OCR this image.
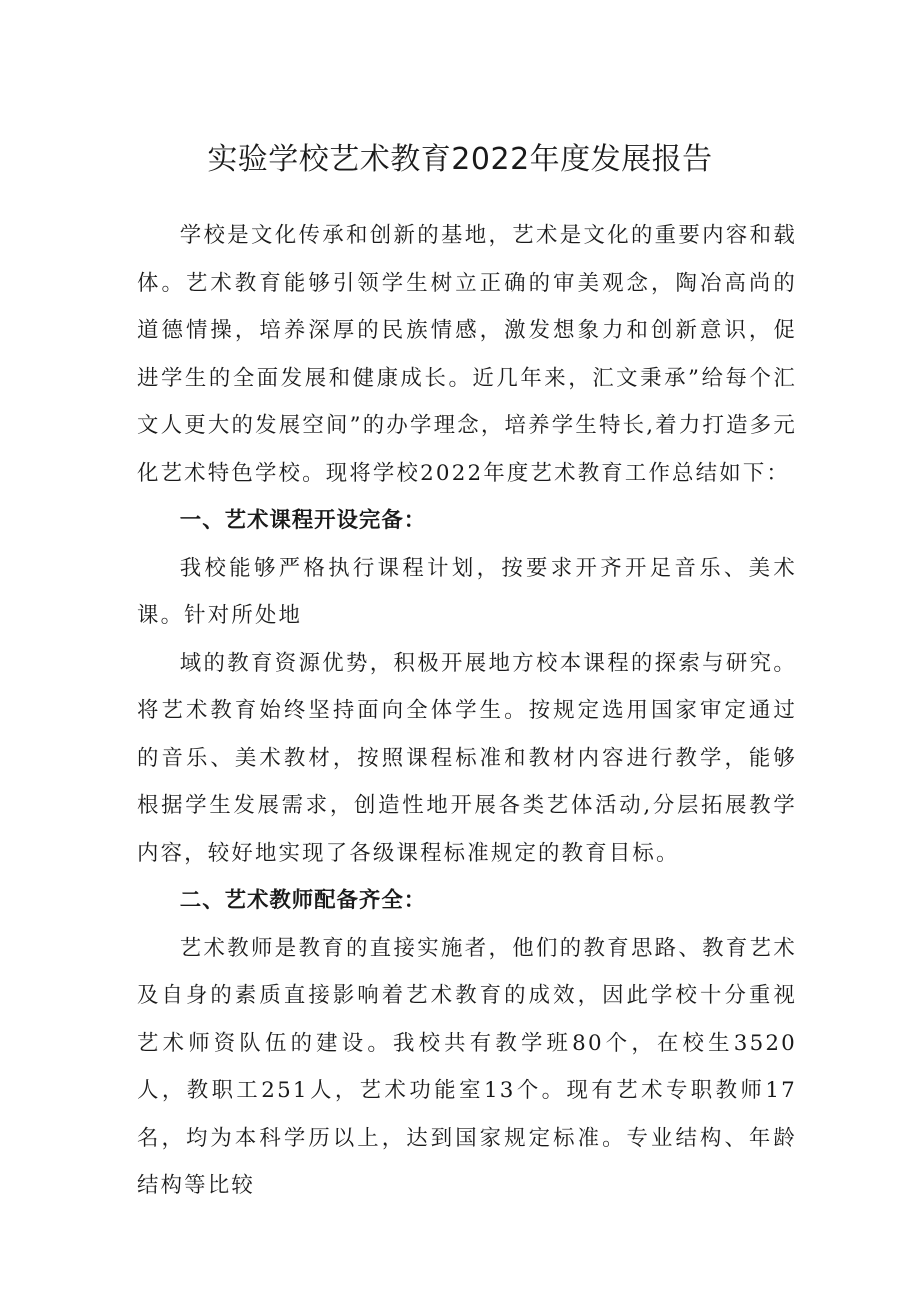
实验学校艺术教育2022年度发展报告

学校是文化传承和创新的基地，艺术是文化的重要内容和载体。艺术教育能够引领学生树立正确的审美观念，陶冶高尚的道德情操，培养深厚的民族情感，激发想象力和创新意识，促进学生的全面发展和健康成长。近几年来，汇文秉承”给每个汇文人更大的发展空间”的办学理念，培养学生特长,着力打造多元化艺术特色学校。现将学校2022年度艺术教育工作总结如下：

一、艺术课程开设完备：

我校能够严格执行课程计划，按要求开齐开足音乐、美术课。针对所处地

域的教育资源优势，积极开展地方校本课程的探索与研究。将艺术教育始终坚持面向全体学生。按规定选用国家审定通过的音乐、美术教材，按照课程标准和教材内容进行教学，能够根据学生发展需求，创造性地开展各类艺体活动,分层拓展教学内容，较好地实现了各级课程标准规定的教育目标。

二、艺术教师配备齐全：

艺术教师是教育的直接实施者，他们的教育思路、教育艺术及自身的素质直接影响着艺术教育的成效，因此学校十分重视艺术师资队伍的建设。我校共有教学班80个，在校生3520人，教职工251人，艺术功能室13个。现有艺术专职教师17名，均为本科学历以上，达到国家规定标准。专业结构、年龄结构等比较
